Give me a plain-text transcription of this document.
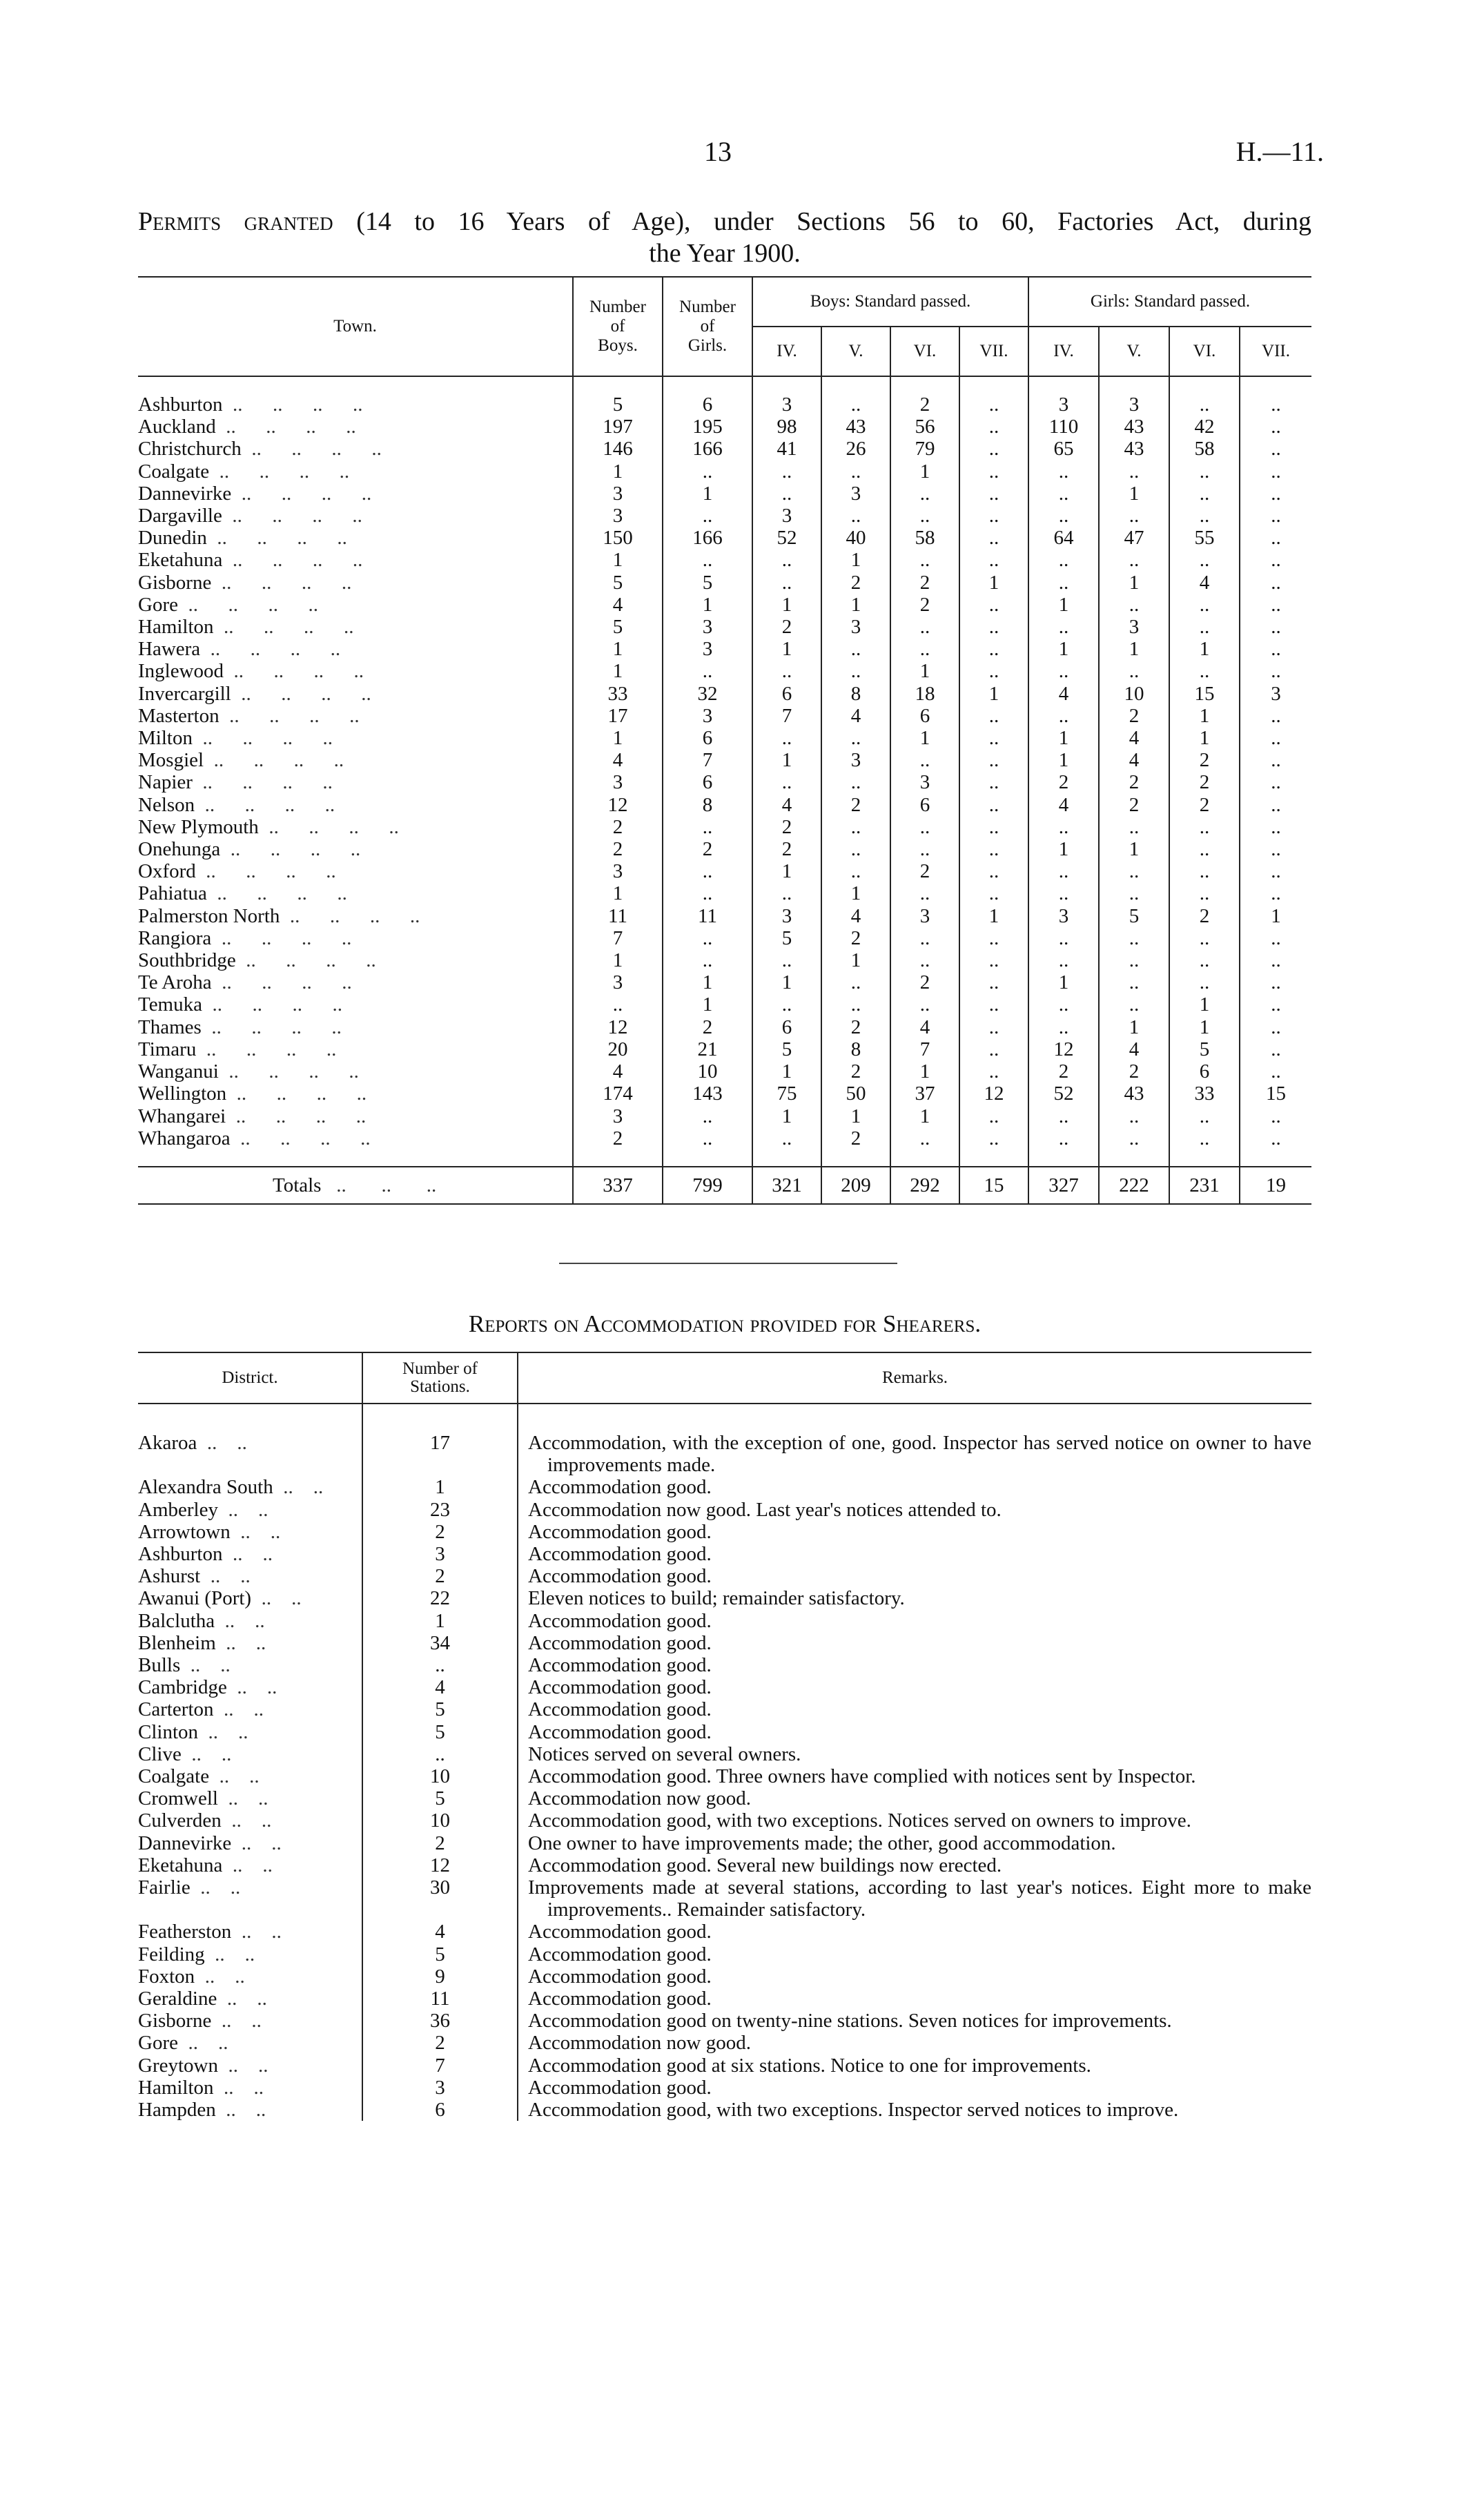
13	H.—11.
Permits granted (14 to 16 Years of Age), under Sections 56 to 60, Factories Act, during
the Year 1900.
Town.	Number
of
Boys.	Number
of
Girls.	Boys: Standard passed.				Girls: Standard passed.			
			IV.	V.	VI.	VII.	IV.	V.	VI.	VII.

Ashburton  ..      ..      ..      ..	5	6	3	..	2	..	3	3	..	..
Auckland  ..      ..      ..      ..	197	195	98	43	56	..	110	43	42	..
Christchurch  ..      ..      ..      ..	146	166	41	26	79	..	65	43	58	..
Coalgate  ..      ..      ..      ..	1	..	..	..	1	..	..	..	..	..
Dannevirke  ..      ..      ..      ..	3	1	..	3	..	..	..	1	..	..
Dargaville  ..      ..      ..      ..	3	..	3	..	..	..	..	..	..	..
Dunedin  ..      ..      ..      ..	150	166	52	40	58	..	64	47	55	..
Eketahuna  ..      ..      ..      ..	1	..	..	1	..	..	..	..	..	..
Gisborne  ..      ..      ..      ..	5	5	..	2	2	1	..	1	4	..
Gore  ..      ..      ..      ..	4	1	1	1	2	..	1	..	..	..
Hamilton  ..      ..      ..      ..	5	3	2	3	..	..	..	3	..	..
Hawera  ..      ..      ..      ..	1	3	1	..	..	..	1	1	1	..
Inglewood  ..      ..      ..      ..	1	..	..	..	1	..	..	..	..	..
Invercargill  ..      ..      ..      ..	33	32	6	8	18	1	4	10	15	3
Masterton  ..      ..      ..      ..	17	3	7	4	6	..	..	2	1	..
Milton  ..      ..      ..      ..	1	6	..	..	1	..	1	4	1	..
Mosgiel  ..      ..      ..      ..	4	7	1	3	..	..	1	4	2	..
Napier  ..      ..      ..      ..	3	6	..	..	3	..	2	2	2	..
Nelson  ..      ..      ..      ..	12	8	4	2	6	..	4	2	2	..
New Plymouth  ..      ..      ..      ..	2	..	2	..	..	..	..	..	..	..
Onehunga  ..      ..      ..      ..	2	2	2	..	..	..	1	1	..	..
Oxford  ..      ..      ..      ..	3	..	1	..	2	..	..	..	..	..
Pahiatua  ..      ..      ..      ..	1	..	..	1	..	..	..	..	..	..
Palmerston North  ..      ..      ..      ..	11	11	3	4	3	1	3	5	2	1
Rangiora  ..      ..      ..      ..	7	..	5	2	..	..	..	..	..	..
Southbridge  ..      ..      ..      ..	1	..	..	1	..	..	..	..	..	..
Te Aroha  ..      ..      ..      ..	3	1	1	..	2	..	1	..	..	..
Temuka  ..      ..      ..      ..	..	1	..	..	..	..	..	..	1	..
Thames  ..      ..      ..      ..	12	2	6	2	4	..	..	1	1	..
Timaru  ..      ..      ..      ..	20	21	5	8	7	..	12	4	5	..
Wanganui  ..      ..      ..      ..	4	10	1	2	1	..	2	2	6	..
Wellington  ..      ..      ..      ..	174	143	75	50	37	12	52	43	33	15
Whangarei  ..      ..      ..      ..	3	..	1	1	1	..	..	..	..	..
Whangaroa  ..      ..      ..      ..	2	..	..	2	..	..	..	..	..	..

Totals   ..       ..       ..	337	799	321	209	292	15	327	222	231	19
Reports on Accommodation provided for Shearers.
District.	Number of
Stations.	Remarks.

Akaroa  ..    ..	17	Accommodation, with the exception of one, good. Inspector has served notice on owner to have improvements made.

Alexandra South  ..    ..	1	Accommodation good.

Amberley  ..    ..	23	Accommodation now good. Last year's notices attended to.

Arrowtown  ..    ..	2	Accommodation good.

Ashburton  ..    ..	3	Accommodation good.

Ashurst  ..    ..	2	Accommodation good.

Awanui (Port)  ..    ..	22	Eleven notices to build; remainder satisfactory.

Balclutha  ..    ..	1	Accommodation good.

Blenheim  ..    ..	34	Accommodation good.

Bulls  ..    ..	..	Accommodation good.

Cambridge  ..    ..	4	Accommodation good.

Carterton  ..    ..	5	Accommodation good.

Clinton  ..    ..	5	Accommodation good.

Clive  ..    ..	..	Notices served on several owners.

Coalgate  ..    ..	10	Accommodation good. Three owners have complied with notices sent by Inspector.

Cromwell  ..    ..	5	Accommodation now good.

Culverden  ..    ..	10	Accommodation good, with two exceptions. Notices served on owners to improve.

Dannevirke  ..    ..	2	One owner to have improvements made; the other, good accommodation.

Eketahuna  ..    ..	12	Accommodation good. Several new buildings now erected.

Fairlie  ..    ..	30	Improvements made at several stations, according to last year's notices. Eight more to make improvements.. Remainder satisfactory.

Featherston  ..    ..	4	Accommodation good.

Feilding  ..    ..	5	Accommodation good.

Foxton  ..    ..	9	Accommodation good.

Geraldine  ..    ..	11	Accommodation good.

Gisborne  ..    ..	36	Accommodation good on twenty-nine stations. Seven notices for improvements.

Gore  ..    ..	2	Accommodation now good.

Greytown  ..    ..	7	Accommodation good at six stations. Notice to one for improvements.

Hamilton  ..    ..	3	Accommodation good.

Hampden  ..    ..	6	Accommodation good, with two exceptions. Inspector served notices to improve.
